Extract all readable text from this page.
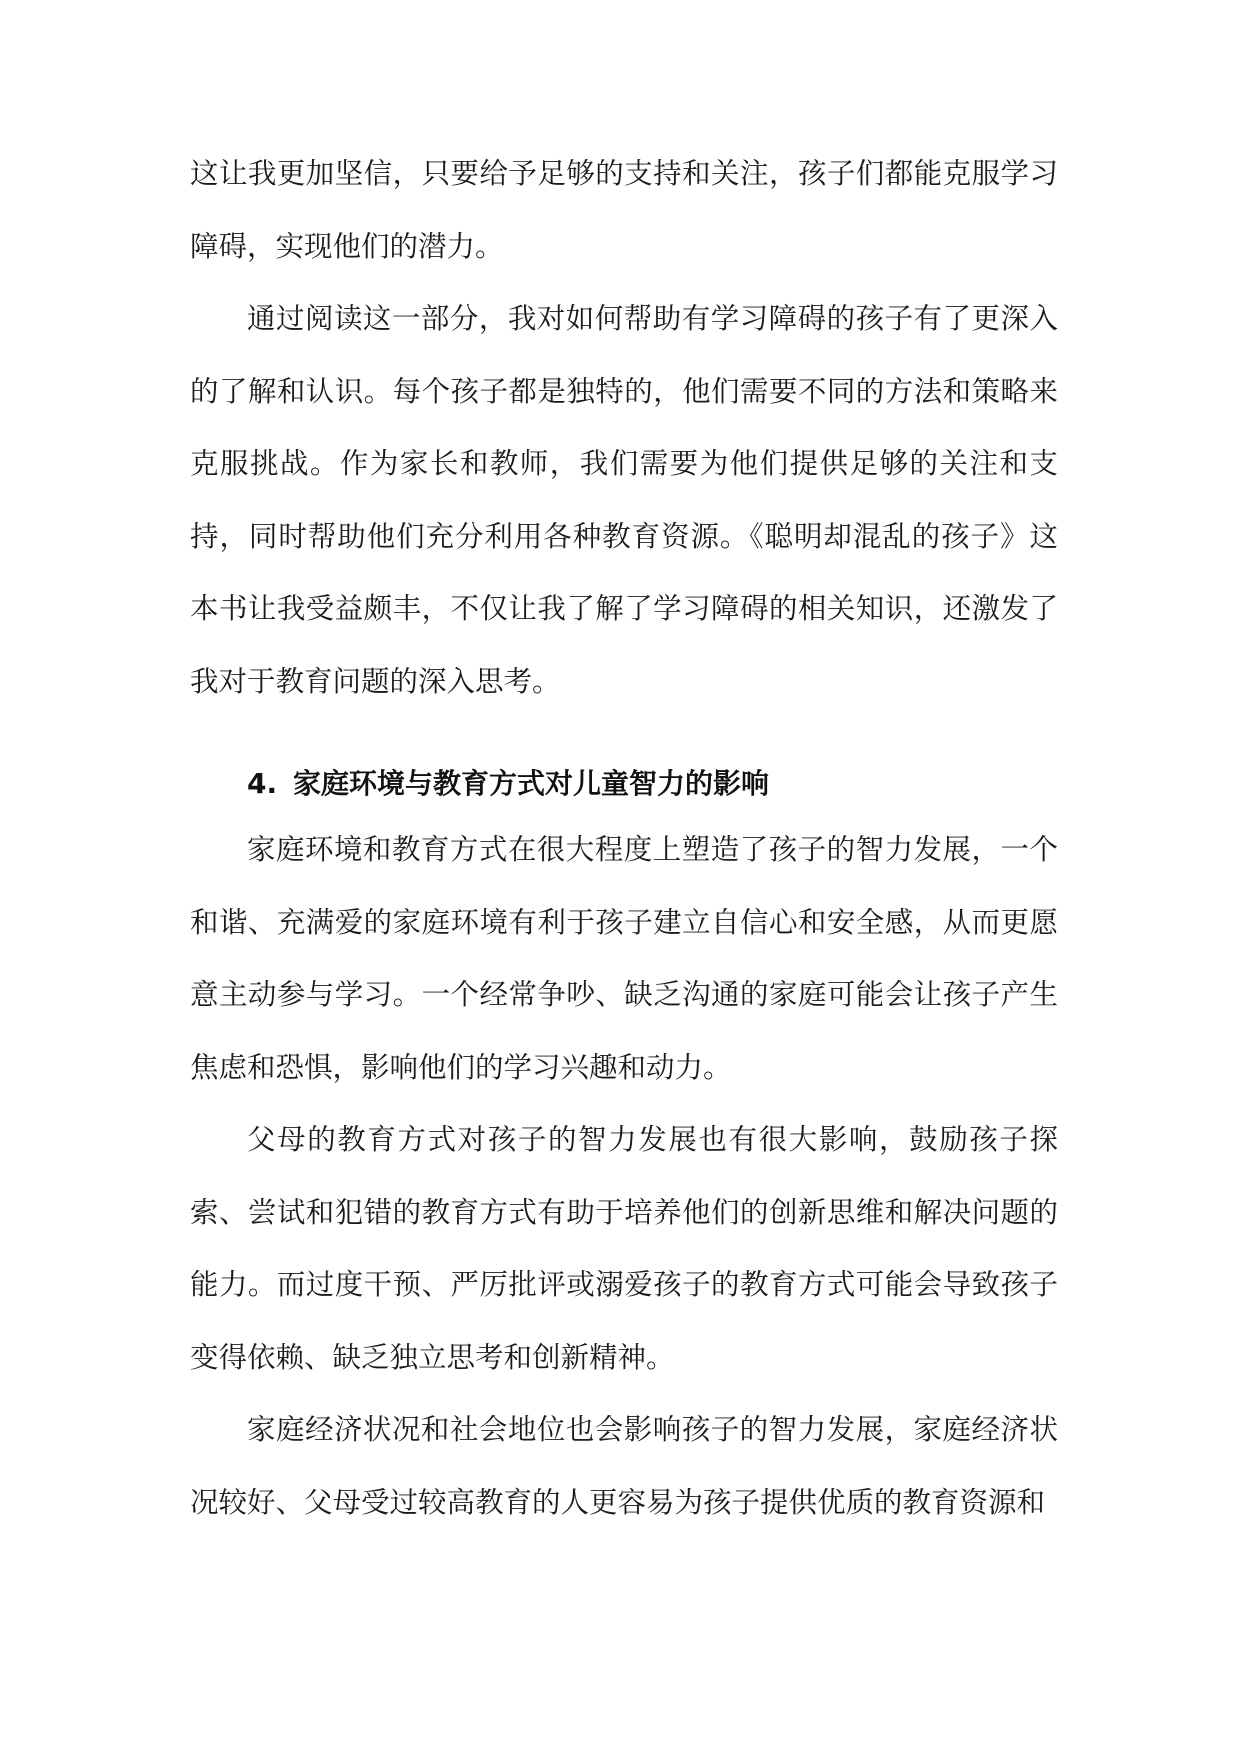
这让我更加坚信，只要给予足够的支持和关注，孩子们都能克服学习障碍，实现他们的潜力。

通过阅读这一部分，我对如何帮助有学习障碍的孩子有了更深入的了解和认识。每个孩子都是独特的，他们需要不同的方法和策略来克服挑战。作为家长和教师，我们需要为他们提供足够的关注和支持，同时帮助他们充分利用各种教育资源。《聪明却混乱的孩子》这本书让我受益颇丰，不仅让我了解了学习障碍的相关知识，还激发了我对于教育问题的深入思考。

4. 家庭环境与教育方式对儿童智力的影响

家庭环境和教育方式在很大程度上塑造了孩子的智力发展，一个和谐、充满爱的家庭环境有利于孩子建立自信心和安全感，从而更愿意主动参与学习。一个经常争吵、缺乏沟通的家庭可能会让孩子产生焦虑和恐惧，影响他们的学习兴趣和动力。

父母的教育方式对孩子的智力发展也有很大影响，鼓励孩子探索、尝试和犯错的教育方式有助于培养他们的创新思维和解决问题的能力。而过度干预、严厉批评或溺爱孩子的教育方式可能会导致孩子变得依赖、缺乏独立思考和创新精神。

家庭经济状况和社会地位也会影响孩子的智力发展，家庭经济状况较好、父母受过较高教育的人更容易为孩子提供优质的教育资源和
